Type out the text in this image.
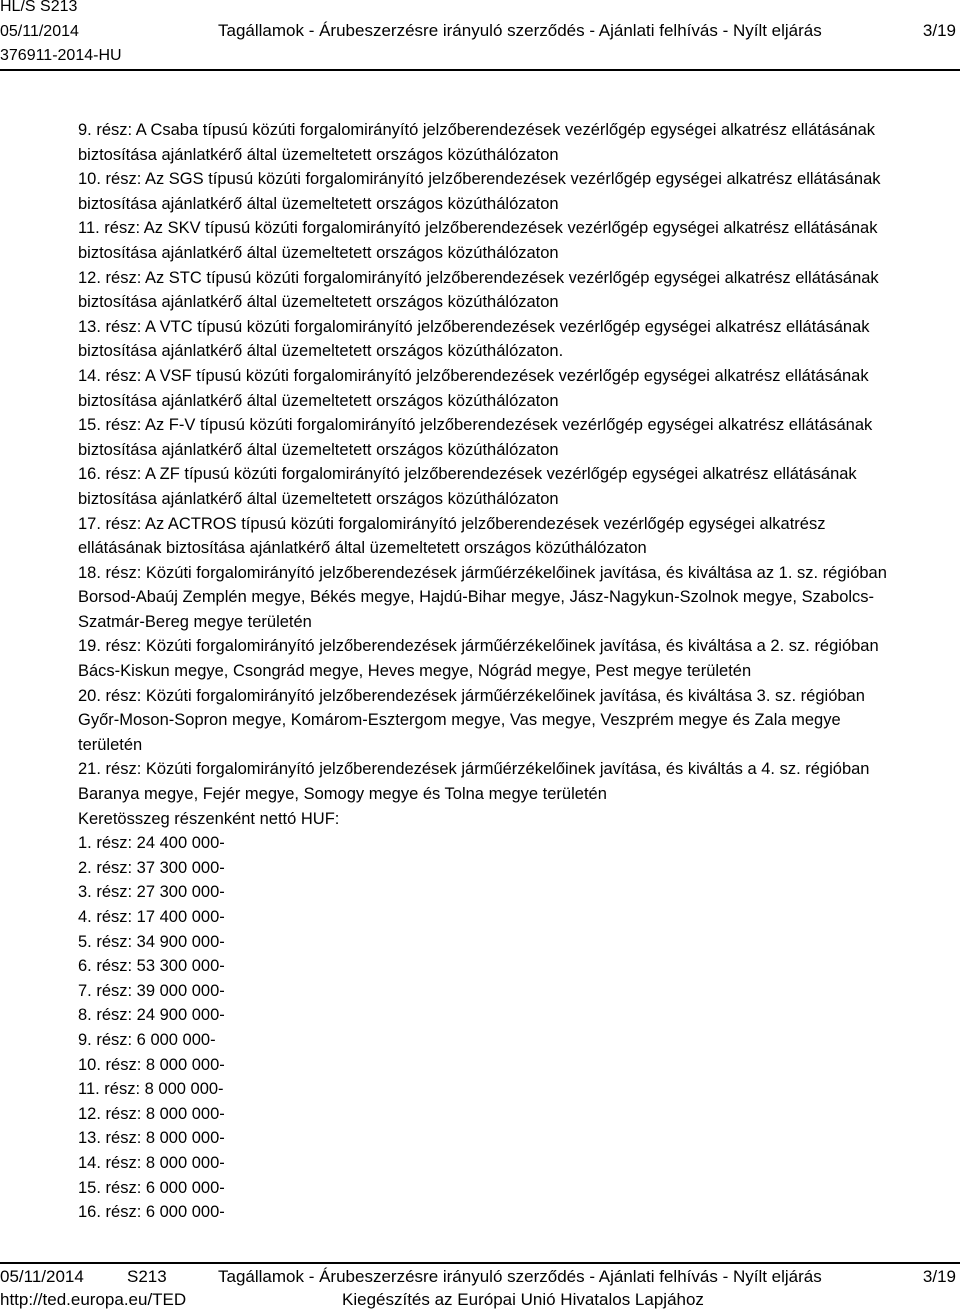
HL/S S213
05/11/2014	Tagállamok - Árubeszerzésre irányuló szerződés - Ajánlati felhívás - Nyílt eljárás	3/19
376911-2014-HU

9. rész: A Csaba típusú közúti forgalomirányító jelzőberendezések vezérlőgép egységei alkatrész ellátásának

biztosítása ajánlatkérő által üzemeltetett országos közúthálózaton

10. rész: Az SGS típusú közúti forgalomirányító jelzőberendezések vezérlőgép egységei alkatrész ellátásának

biztosítása ajánlatkérő által üzemeltetett országos közúthálózaton

11. rész: Az SKV típusú közúti forgalomirányító jelzőberendezések vezérlőgép egységei alkatrész ellátásának

biztosítása ajánlatkérő által üzemeltetett országos közúthálózaton

12. rész: Az STC típusú közúti forgalomirányító jelzőberendezések vezérlőgép egységei alkatrész ellátásának

biztosítása ajánlatkérő által üzemeltetett országos közúthálózaton

13. rész: A VTC típusú közúti forgalomirányító jelzőberendezések vezérlőgép egységei alkatrész ellátásának

biztosítása ajánlatkérő által üzemeltetett országos közúthálózaton.

14. rész: A VSF típusú közúti forgalomirányító jelzőberendezések vezérlőgép egységei alkatrész ellátásának

biztosítása ajánlatkérő által üzemeltetett országos közúthálózaton

15. rész: Az F-V típusú közúti forgalomirányító jelzőberendezések vezérlőgép egységei alkatrész ellátásának

biztosítása ajánlatkérő által üzemeltetett országos közúthálózaton

16. rész: A ZF típusú közúti forgalomirányító jelzőberendezések vezérlőgép egységei alkatrész ellátásának

biztosítása ajánlatkérő által üzemeltetett országos közúthálózaton

17. rész: Az ACTROS típusú közúti forgalomirányító jelzőberendezések vezérlőgép egységei alkatrész

ellátásának biztosítása ajánlatkérő által üzemeltetett országos közúthálózaton

18. rész: Közúti forgalomirányító jelzőberendezések járműérzékelőinek javítása, és kiváltása az 1. sz. régióban

Borsod-Abaúj Zemplén megye, Békés megye, Hajdú-Bihar megye, Jász-Nagykun-Szolnok megye, Szabolcs-

Szatmár-Bereg megye területén

19. rész: Közúti forgalomirányító jelzőberendezések járműérzékelőinek javítása, és kiváltása a 2. sz. régióban

Bács-Kiskun megye, Csongrád megye, Heves megye, Nógrád megye, Pest megye területén

20. rész: Közúti forgalomirányító jelzőberendezések járműérzékelőinek javítása, és kiváltása 3. sz. régióban

Győr-Moson-Sopron megye, Komárom-Esztergom megye, Vas megye, Veszprém megye és Zala megye

területén

21. rész: Közúti forgalomirányító jelzőberendezések járműérzékelőinek javítása, és kiváltás a 4. sz. régióban

Baranya megye, Fejér megye, Somogy megye és Tolna megye területén

Keretösszeg részenként nettó HUF:

1. rész: 24 400 000-

2. rész: 37 300 000-

3. rész: 27 300 000-

4. rész: 17 400 000-

5. rész: 34 900 000-

6. rész: 53 300 000-

7. rész: 39 000 000-

8. rész: 24 900 000-

9. rész: 6 000 000-

10. rész: 8 000 000-

11. rész: 8 000 000-

12. rész: 8 000 000-

13. rész: 8 000 000-

14. rész: 8 000 000-

15. rész: 6 000 000-

16. rész: 6 000 000-

05/11/2014	S213	Tagállamok - Árubeszerzésre irányuló szerződés - Ajánlati felhívás - Nyílt eljárás	3/19
http://ted.europa.eu/TED	Kiegészítés az Európai Unió Hivatalos Lapjához
